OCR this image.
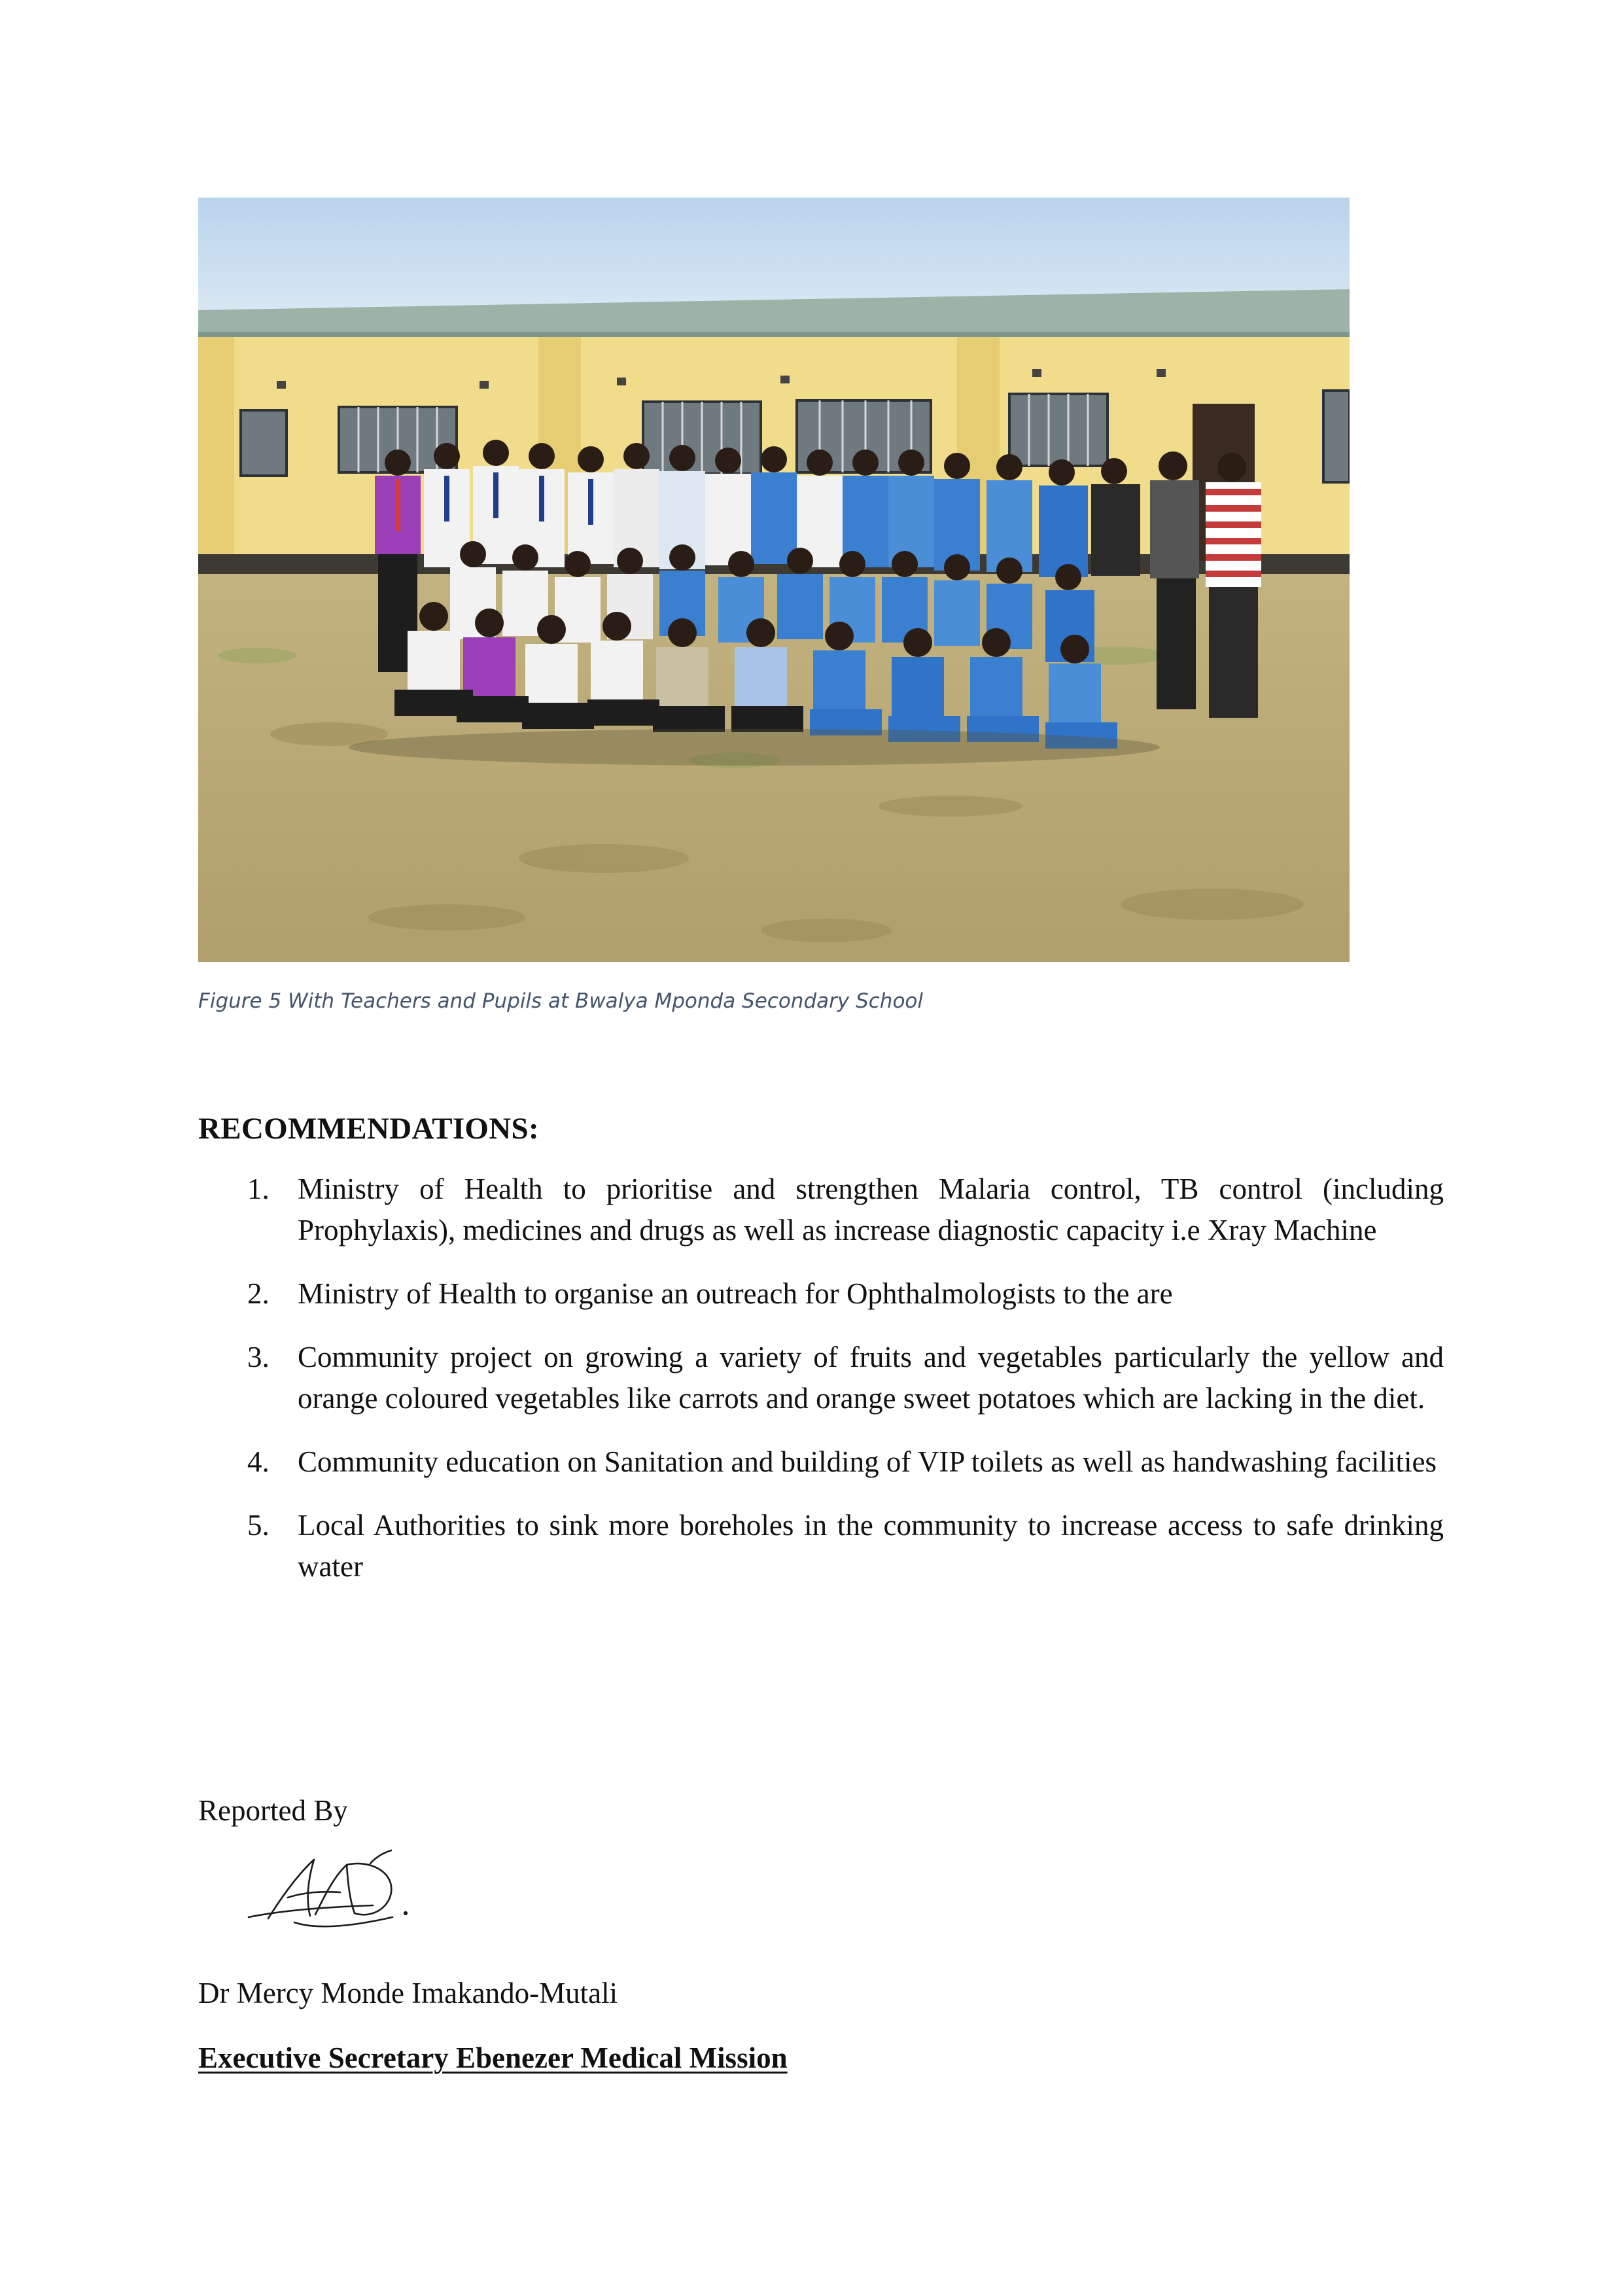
Figure 5 With Teachers and Pupils at Bwalya Mponda Secondary School
RECOMMENDATIONS:
1. Ministry of Health to prioritise and strengthen Malaria control, TB control (including Prophylaxis), medicines and drugs as well as increase diagnostic capacity i.e Xray Machine
2. Ministry of Health to organise an outreach for Ophthalmologists to the are
3. Community project on growing a variety of fruits and vegetables particularly the yellow and orange coloured vegetables like carrots and orange sweet potatoes which are lacking in the diet.
4. Community education on Sanitation and building of VIP toilets as well as handwashing facilities
5. Local Authorities to sink more boreholes in the community to increase access to safe drinking water
Reported By
Dr Mercy Monde Imakando-Mutali
Executive Secretary Ebenezer Medical Mission
